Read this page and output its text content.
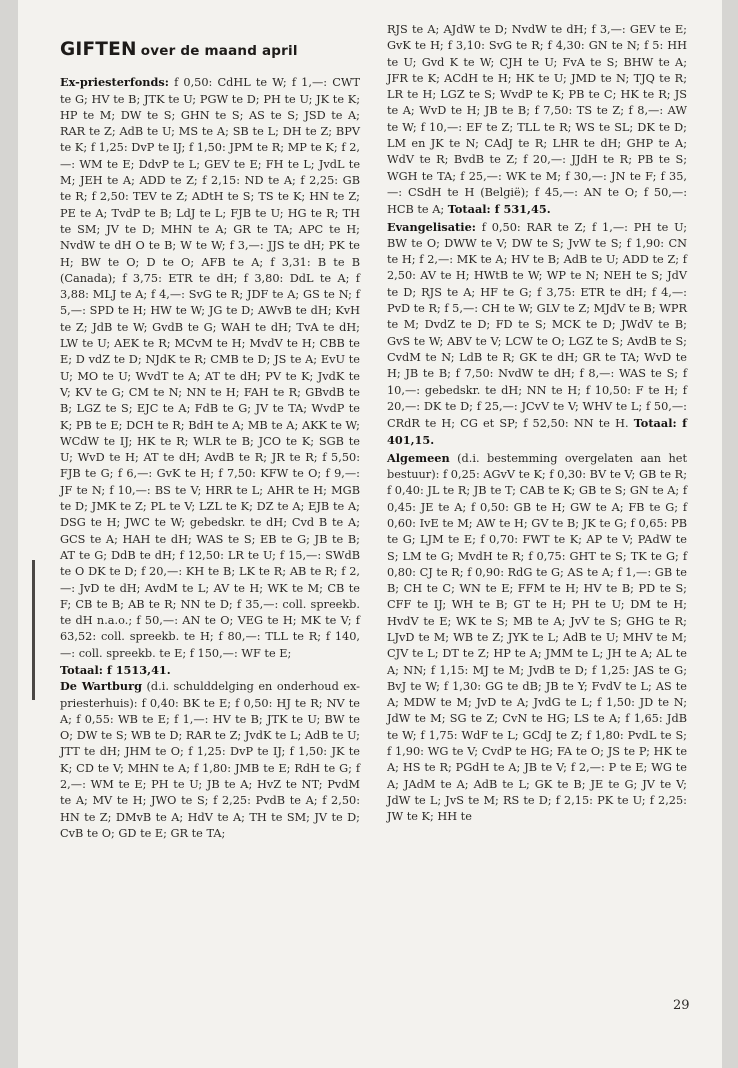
GIFTEN over de maand april

Ex-priesterfonds: f 0,50: CdHL te W; f 1,—: CWT te G; HV te B; JTK te U; PGW te D; PH te U; JK te K; HP te M; DW te S; GHN te S; AS te S; JSD te A; RAR te Z; AdB te U; MS te A; SB te L; DH te Z; BPV te K; f 1,25: DvP te IJ; f 1,50: JPM te R; MP te K; f 2,—: WM te E; DdvP te L; GEV te E; FH te L; JvdL te M; JEH te A; ADD te Z; f 2,15: ND te A; f 2,25: GB te R; f 2,50: TEV te Z; ADtH te S; TS te K; HN te Z; PE te A; TvdP te B; LdJ te L; FJB te U; HG te R; TH te SM; JV te D; MHN te A; GR te TA; APC te H; NvdW te dH O te B; W te W; f 3,—: JJS te dH; PK te H; BW te O; D te O; AFB te A; f 3,31: B te B (Canada); f 3,75: ETR te dH; f 3,80: DdL te A; f 3,88: MLJ te A; f 4,—: SvG te R; JDF te A; GS te N; f 5,—: SPD te H; HW te W; JG te D; AWvB te dH; KvH te Z; JdB te W; GvdB te G; WAH te dH; TvA te dH; LW te U; AEK te R; MCvM te H; MvdV te H; CBB te E; D vdZ te D; NJdK te R; CMB te D; JS te A; EvU te U; MO te U; WvdT te A; AT te dH; PV te K; JvdK te V; KV te G; CM te N; NN te H; FAH te R; GBvdB te B; LGZ te S; EJC te A; FdB te G; JV te TA; WvdP te K; PB te E; DCH te R; BdH te A; MB te A; AKK te W; WCdW te IJ; HK te R; WLR te B; JCO te K; SGB te U; WvD te H; AT te dH; AvdB te R; JR te R; f 5,50: FJB te G; f 6,—: GvK te H; f 7,50: KFW te O; f 9,—: JF te N; f 10,—: BS te V; HRR te L; AHR te H; MGB te D; JMK te Z; PL te V; LZL te K; DZ te A; EJB te A; DSG te H; JWC te W; gebedskr. te dH; Cvd B te A; GCS te A; HAH te dH; WAS te S; EB te G; JB te B; AT te G; DdB te dH; f 12,50: LR te U; f 15,—: SWdB te O DK te D; f 20,—: KH te B; LK te R; AB te R; f 2,—: JvD te dH; AvdM te L; AV te H; WK te M; CB te F; CB te B; AB te R; NN te D; f 35,—: coll. spreekb. te dH n.a.o.; f 50,—: AN te O; VEG te H; MK te V; f 63,52: coll. spreekb. te H; f 80,—: TLL te R; f 140,—: coll. spreekb. te E; f 150,—: WF te E;

Totaal: f 1513,41.

De Wartburg (d.i. schulddelging en onderhoud ex-priesterhuis): f 0,40: BK te E; f 0,50: HJ te R; NV te A; f 0,55: WB te E; f 1,—: HV te B; JTK te U; BW te O; DW te S; WB te D; RAR te Z; JvdK te L; AdB te U; JTT te dH; JHM te O; f 1,25: DvP te IJ; f 1,50: JK te K; CD te V; MHN te A; f 1,80: JMB te E; RdH te G; f 2,—: WM te E; PH te U; JB te A; HvZ te NT; PvdM te A; MV te H; JWO te S; f 2,25: PvdB te A; f 2,50: HN te Z; DMvB te A; HdV te A; TH te SM; JV te D; CvB te O; GD te E; GR te TA;

RJS te A; AJdW te D; NvdW te dH; f 3,—: GEV te E; GvK te H; f 3,10: SvG te R; f 4,30: GN te N; f 5: HH te U; Gvd K te W; CJH te U; FvA te S; BHW te A; JFR te K; ACdH te H; HK te U; JMD te N; TJQ te R; LR te H; LGZ te S; WvdP te K; PB te C; HK te R; JS te A; WvD te H; JB te B; f 7,50: TS te Z; f 8,—: AW te W; f 10,—: EF te Z; TLL te R; WS te SL; DK te D; LM en JK te N; CAdJ te R; LHR te dH; GHP te A; WdV te R; BvdB te Z; f 20,—: JJdH te R; PB te S; WGH te TA; f 25,—: WK te M; f 30,—: JN te F; f 35,—: CSdH te H (België); f 45,—: AN te O; f 50,—: HCB te A; Totaal: f 531,45.

Evangelisatie: f 0,50: RAR te Z; f 1,—: PH te U; BW te O; DWW te V; DW te S; JvW te S; f 1,90: CN te H; f 2,—: MK te A; HV te B; AdB te U; ADD te Z; f 2,50: AV te H; HWtB te W; WP te N; NEH te S; JdV te D; RJS te A; HF te G; f 3,75: ETR te dH; f 4,—: PvD te R; f 5,—: CH te W; GLV te Z; MJdV te B; WPR te M; DvdZ te D; FD te S; MCK te D; JWdV te B; GvS te W; ABV te V; LCW te O; LGZ te S; AvdB te S; CvdM te N; LdB te R; GK te dH; GR te TA; WvD te H; JB te B; f 7,50: NvdW te dH; f 8,—: WAS te S; f 10,—: gebedskr. te dH; NN te H; f 10,50: F te H; f 20,—: DK te D; f 25,—: JCvV te V; WHV te L; f 50,—: CRdR te H; CG et SP; f 52,50: NN te H. Totaal: f 401,15.

Algemeen (d.i. bestemming overgelaten aan het bestuur): f 0,25: AGvV te K; f 0,30: BV te V; GB te R; f 0,40: JL te R; JB te T; CAB te K; GB te S; GN te A; f 0,45: JE te A; f 0,50: GB te H; GW te A; FB te G; f 0,60: IvE te M; AW te H; GV te B; JK te G; f 0,65: PB te G; LJM te E; f 0,70: FWT te K; AP te V; PAdW te S; LM te G; MvdH te R; f 0,75: GHT te S; TK te G; f 0,80: CJ te R; f 0,90: RdG te G; AS te A; f 1,—: GB te B; CH te C; WN te E; FFM te H; HV te B; PD te S; CFF te IJ; WH te B; GT te H; PH te U; DM te H; HvdV te E; WK te S; MB te A; JvV te S; GHG te R; LJvD te M; WB te Z; JYK te L; AdB te U; MHV te M; CJV te L; DT te Z; HP te A; JMM te L; JH te A; AL te A; NN; f 1,15: MJ te M; JvdB te D; f 1,25: JAS te G; BvJ te W; f 1,30: GG te dB; JB te Y; FvdV te L; AS te A; MDW te M; JvD te A; JvdG te L; f 1,50: JD te N; JdW te M; SG te Z; CvN te HG; LS te A; f 1,65: JdB te W; f 1,75: WdF te L; GCdJ te Z; f 1,80: PvdL te S; f 1,90: WG te V; CvdP te HG; FA te O; JS te P; HK te A; HS te R; PGdH te A; JB te V; f 2,—: P te E; WG te A; JAdM te A; AdB te L; GK te B; JE te G; JV te V; JdW te L; JvS te M; RS te D; f 2,15: PK te U; f 2,25: JW te K; HH te

29
